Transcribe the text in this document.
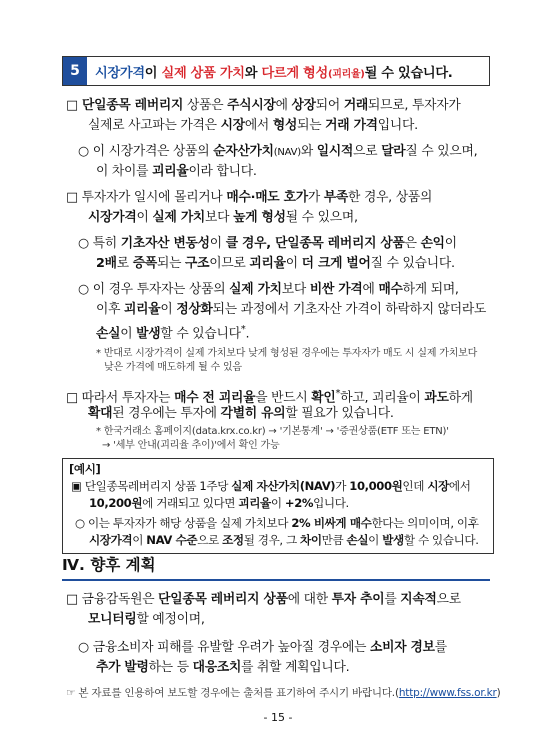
5	시장가격이 실제 상품 가치와 다르게 형성(괴리율)될 수 있습니다.
□ 단일종목 레버리지 상품은 주식시장에 상장되어 거래되므로, 투자자가
실제로 사고파는 가격은 시장에서 형성되는 거래 가격입니다.
○ 이 시장가격은 상품의 순자산가치(NAV)와 일시적으로 달라질 수 있으며,
이 차이를 괴리율이라 합니다.
□ 투자자가 일시에 몰리거나 매수·매도 호가가 부족한 경우, 상품의
시장가격이 실제 가치보다 높게 형성될 수 있으며,
○ 특히 기초자산 변동성이 클 경우, 단일종목 레버리지 상품은 손익이
2배로 증폭되는 구조이므로 괴리율이 더 크게 벌어질 수 있습니다.
○ 이 경우 투자자는 상품의 실제 가치보다 비싼 가격에 매수하게 되며,
이후 괴리율이 정상화되는 과정에서 기초자산 가격이 하락하지 않더라도
손실이 발생할 수 있습니다*.
* 반대로 시장가격이 실제 가치보다 낮게 형성된 경우에는 투자자가 매도 시 실제 가치보다
낮은 가격에 매도하게 될 수 있음
□ 따라서 투자자는 매수 전 괴리율을 반드시 확인*하고, 괴리율이 과도하게
확대된 경우에는 투자에 각별히 유의할 필요가 있습니다.
* 한국거래소 홈페이지(data.krx.co.kr) → '기본통계' → '증권상품(ETF 또는 ETN)'
→ '세부 안내(괴리율 추이)'에서 확인 가능
[예시]
▣ 단일종목레버리지 상품 1주당 실제 자산가치(NAV)가 10,000원인데 시장에서
10,200원에 거래되고 있다면 괴리율이 +2%입니다.
○ 이는 투자자가 해당 상품을 실제 가치보다 2% 비싸게 매수한다는 의미이며, 이후
시장가격이 NAV 수준으로 조정될 경우, 그 차이만큼 손실이 발생할 수 있습니다.
Ⅳ. 향후 계획
□ 금융감독원은 단일종목 레버리지 상품에 대한 투자 추이를 지속적으로
모니터링할 예정이며,
○ 금융소비자 피해를 유발할 우려가 높아질 경우에는 소비자 경보를
추가 발령하는 등 대응조치를 취할 계획입니다.
☞ 본 자료를 인용하여 보도할 경우에는 출처를 표기하여 주시기 바랍니다.(http://www.fss.or.kr)
- 15 -
